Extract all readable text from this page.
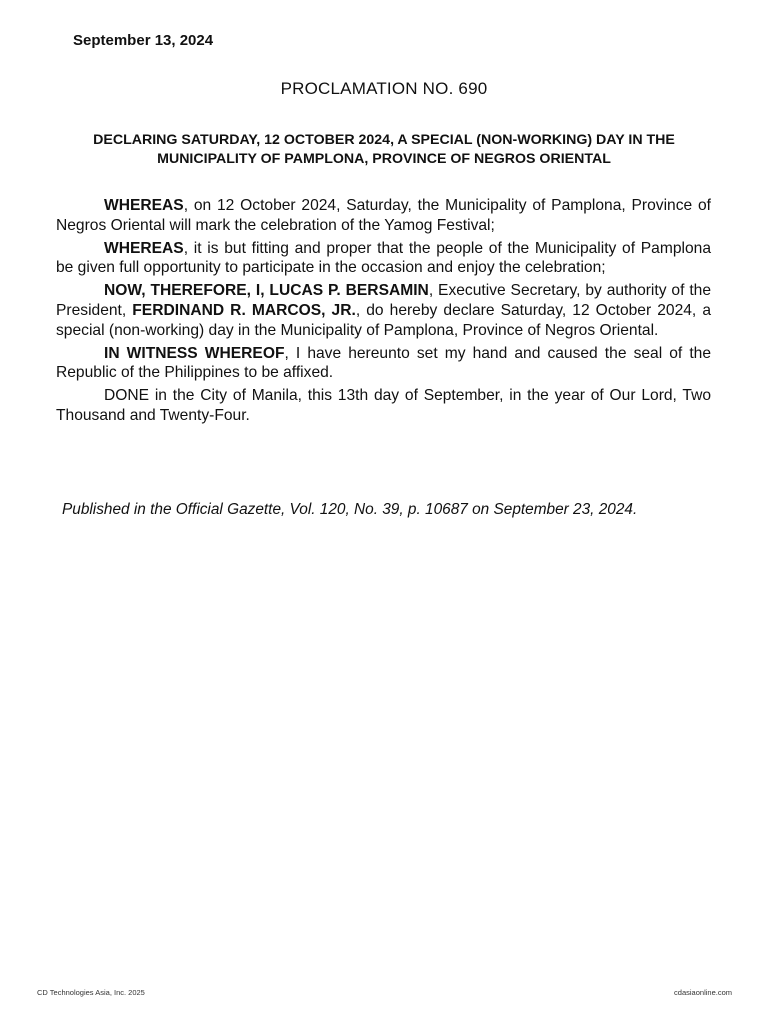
September 13, 2024
PROCLAMATION NO. 690
DECLARING SATURDAY, 12 OCTOBER 2024, A SPECIAL (NON-WORKING) DAY IN THE MUNICIPALITY OF PAMPLONA, PROVINCE OF NEGROS ORIENTAL

WHEREAS, on 12 October 2024, Saturday, the Municipality of Pamplona, Province of Negros Oriental will mark the celebration of the Yamog Festival;

WHEREAS, it is but fitting and proper that the people of the Municipality of Pamplona be given full opportunity to participate in the occasion and enjoy the celebration;

NOW, THEREFORE, I, LUCAS P. BERSAMIN, Executive Secretary, by authority of the President, FERDINAND R. MARCOS, JR., do hereby declare Saturday, 12 October 2024, a special (non-working) day in the Municipality of Pamplona, Province of Negros Oriental.

IN WITNESS WHEREOF, I have hereunto set my hand and caused the seal of the Republic of the Philippines to be affixed.

DONE in the City of Manila, this 13th day of September, in the year of Our Lord, Two Thousand and Twenty-Four.

Published in the Official Gazette, Vol. 120, No. 39, p. 10687 on September 23, 2024.
CD Technologies Asia, Inc. 2025	cdasiaonline.com
